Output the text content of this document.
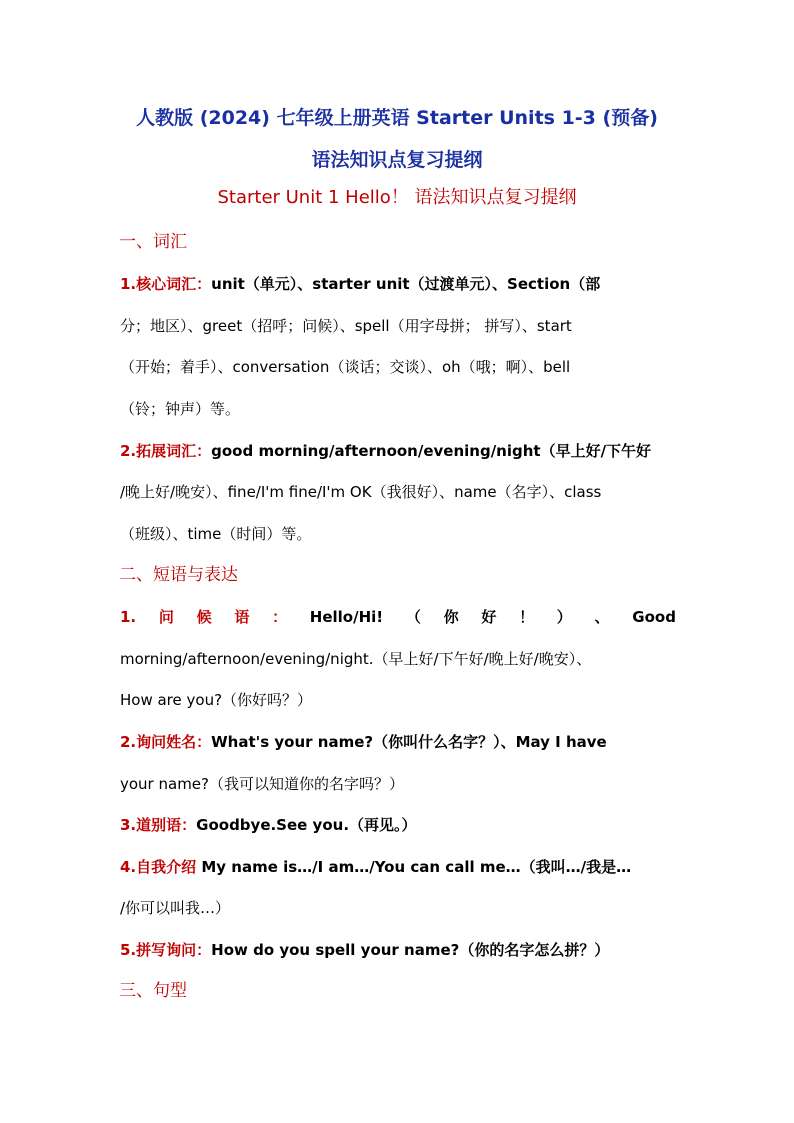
人教版 (2024) 七年级上册英语 Starter Units 1-3 (预备)
语法知识点复习提纲
Starter Unit 1 Hello！ 语法知识点复习提纲
一、词汇
1.核心词汇：unit（单元）、starter unit（过渡单元）、Section（部
分；地区）、greet（招呼；问候）、spell（用字母拼； 拼写）、start
（开始；着手）、conversation（谈话；交谈）、oh（哦；啊）、bell
（铃；钟声）等。
2.拓展词汇：good morning/afternoon/evening/night（早上好/下午好
/晚上好/晚安）、fine/I'm fine/I'm OK（我很好）、name（名字）、class
（班级）、time（时间）等。
二、短语与表达
1. 问 候 语 ： Hello/Hi! （ 你 好 ！ ） 、 Good
morning/afternoon/evening/night.（早上好/下午好/晚上好/晚安）、
How are you?（你好吗？）
2.询问姓名：What's your name?（你叫什么名字？）、May I have
your name?（我可以知道你的名字吗？）
3.道别语：Goodbye.See you.（再见。）
4.自我介绍 My name is…/I am…/You can call me…（我叫…/我是…
/你可以叫我…）
5.拼写询问：How do you spell your name?（你的名字怎么拼？）
三、句型
